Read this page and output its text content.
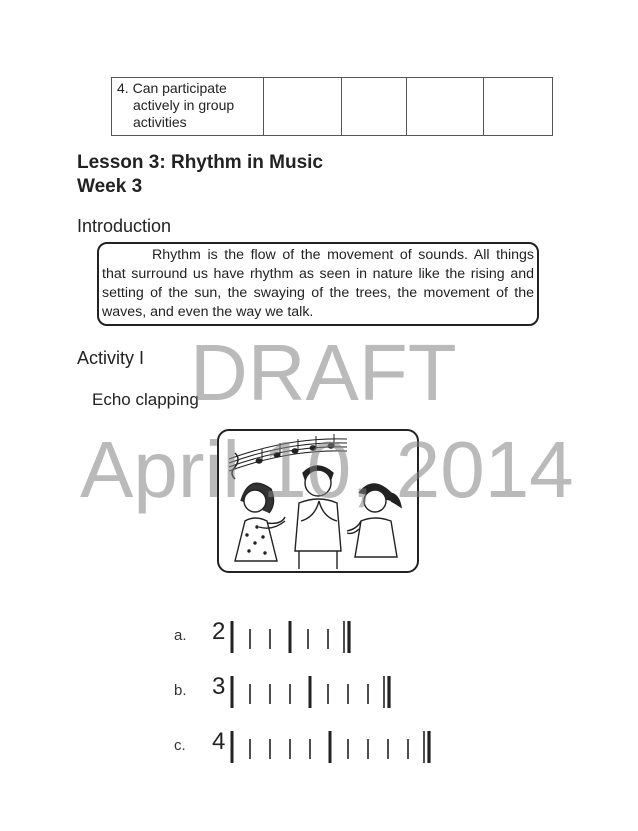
4. Can participate
actively in group
activities

Lesson 3: Rhythm in Music
Week 3
Introduction

Rhythm is the flow of the movement of sounds. All things that surround us have rhythm as seen in nature like the rising and setting of the sun, the swaying of the trees, the movement of the waves, and even the way we talk.

Activity I
Echo clapping
a. 2
b. 3
c. 4
DRAFT
April 10, 2014
